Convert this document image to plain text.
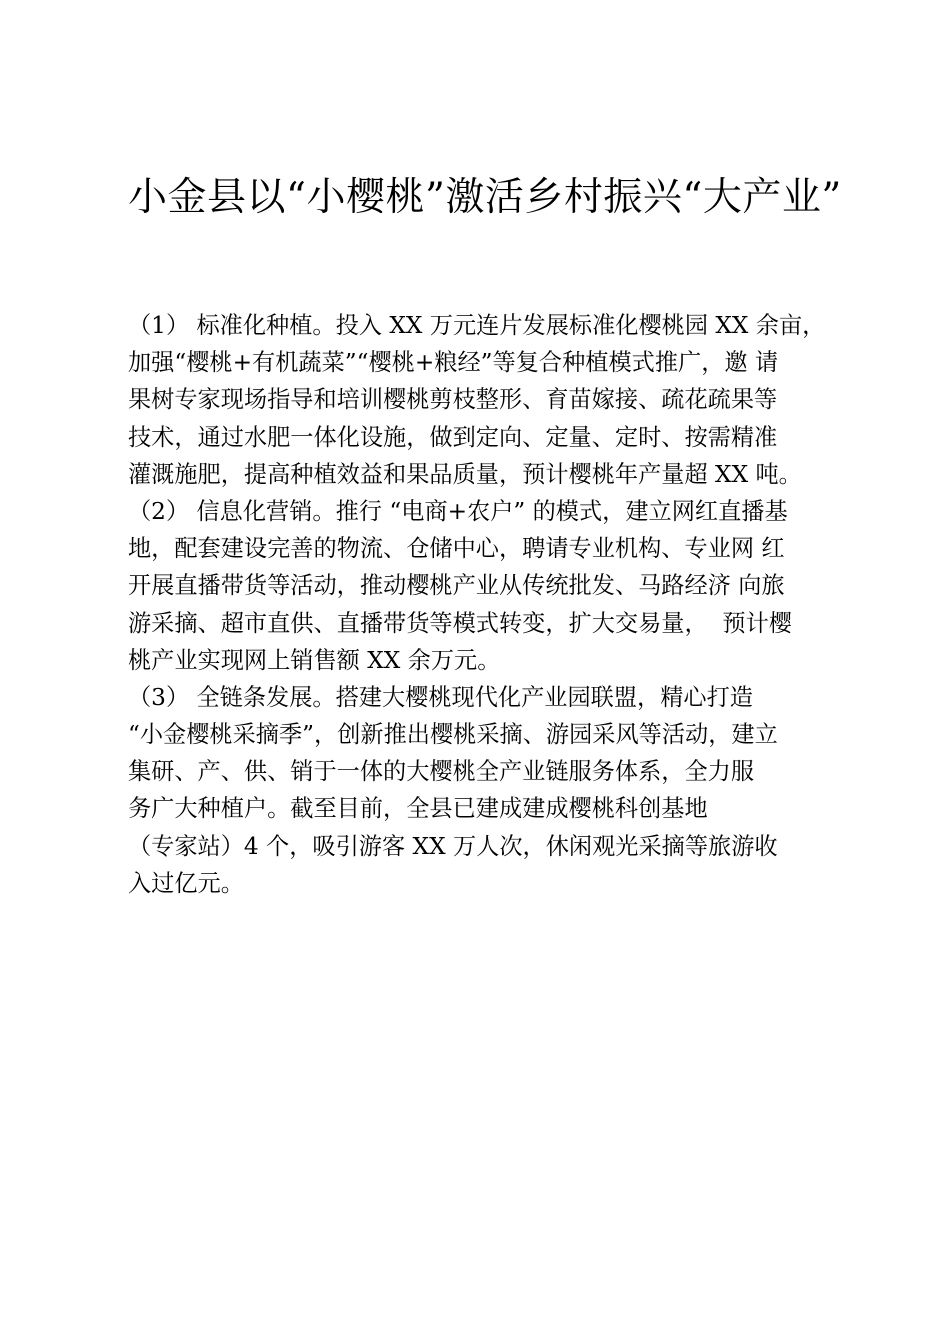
小金县以“小樱桃”激活乡村振兴“大产业”
（1） 标准化种植。投入 XX 万元连片发展标准化樱桃园 XX 余亩，
加强“樱桃+有机蔬菜”“樱桃+粮经”等复合种植模式推广，邀 请
果树专家现场指导和培训樱桃剪枝整形、育苗嫁接、疏花疏果等
技术，通过水肥一体化设施，做到定向、定量、定时、按需精准
灌溉施肥，提高种植效益和果品质量，预计樱桃年产量超 XX 吨。
（2） 信息化营销。推行 “电商+农户” 的模式，建立网红直播基
地，配套建设完善的物流、仓储中心，聘请专业机构、专业网 红
开展直播带货等活动，推动樱桃产业从传统批发、马路经济 向旅
游采摘、超市直供、直播带货等模式转变，扩大交易量，  预计樱
桃产业实现网上销售额 XX 余万元。
（3） 全链条发展。搭建大樱桃现代化产业园联盟，精心打造
“小金樱桃采摘季”，创新推出樱桃采摘、游园采风等活动，建立
集研、产、供、销于一体的大樱桃全产业链服务体系，全力服
务广大种植户。截至目前，全县已建成建成樱桃科创基地
（专家站）4 个，吸引游客 XX 万人次，休闲观光采摘等旅游收
入过亿元。
